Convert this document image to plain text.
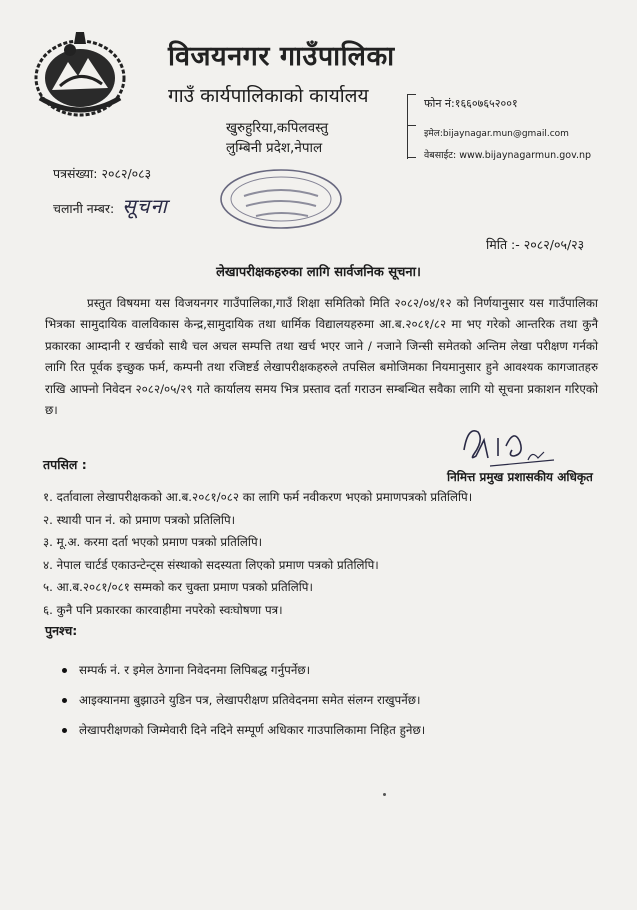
विजयनगर गाउँपालिका
गाउँ कार्यपालिकाको कार्यालय
खुरुहुरिया,कपिलवस्तु
लुम्बिनी प्रदेश,नेपाल
फोन नं:१६६०७६५२००१
इमेल:bijaynagar.mun@gmail.com
वेबसाईट: www.bijaynagarmun.gov.np
पत्रसंख्या: २०८२/०८३
चलानी नम्बर: सूचना
मिति :- २०८२/०५/२३
लेखापरीक्षकहरुका लागि सार्वजनिक सूचना।
प्रस्तुत विषयमा यस विजयनगर गाउँपालिका,गाउँ शिक्षा समितिको मिति २०८२/०४/१२ को निर्णयानुसार यस गाउँपालिका भित्रका सामुदायिक वालविकास केन्द्र,सामुदायिक तथा धार्मिक विद्यालयहरुमा आ.ब.२०८१/८२ मा भए गरेको आन्तरिक तथा कुनै प्रकारका आम्दानी र खर्चको साथै चल अचल सम्पत्ति तथा खर्च भएर जाने / नजाने जिन्सी समेतको अन्तिम लेखा परीक्षण गर्नको लागि रित पूर्वक इच्छुक फर्म, कम्पनी तथा रजिष्टर्ड लेखापरीक्षकहरुले तपसिल बमोजिमका नियमानुसार हुने आवश्यक कागजातहरु राखि आफ्नो निवेदन २०८२/०५/२९ गते कार्यालय समय भित्र प्रस्ताव दर्ता गराउन सम्बन्धित सवैका लागि यो सूचना प्रकाशन गरिएको छ।
निमित्त प्रमुख प्रशासकीय अधिकृत
तपसिल :
१. दर्तावाला लेखापरीक्षकको आ.ब.२०८१/०८२ का लागि फर्म नवीकरण भएको प्रमाणपत्रको प्रतिलिपि।
२. स्थायी पान नं. को प्रमाण पत्रको प्रतिलिपि।
३. मू.अ. करमा दर्ता भएको प्रमाण पत्रको प्रतिलिपि।
४. नेपाल चार्टर्ड एकाउन्टेन्ट्स संस्थाको सदस्यता लिएको प्रमाण पत्रको प्रतिलिपि।
५. आ.ब.२०८१/०८१ सम्मको कर चुक्ता प्रमाण पत्रको प्रतिलिपि।
६. कुनै पनि प्रकारका कारवाहीमा नपरेको स्वःघोषणा पत्र।
पुनश्च:
सम्पर्क नं. र इमेल ठेगाना निवेदनमा लिपिबद्ध गर्नुपर्नेछ।
आइक्यानमा बुझाउने युडिन पत्र, लेखापरीक्षण प्रतिवेदनमा समेत संलग्न राखुपर्नेछ।
लेखापरीक्षणको जिम्मेवारी दिने नदिने सम्पूर्ण अधिकार गाउपालिकामा निहित हुनेछ।
